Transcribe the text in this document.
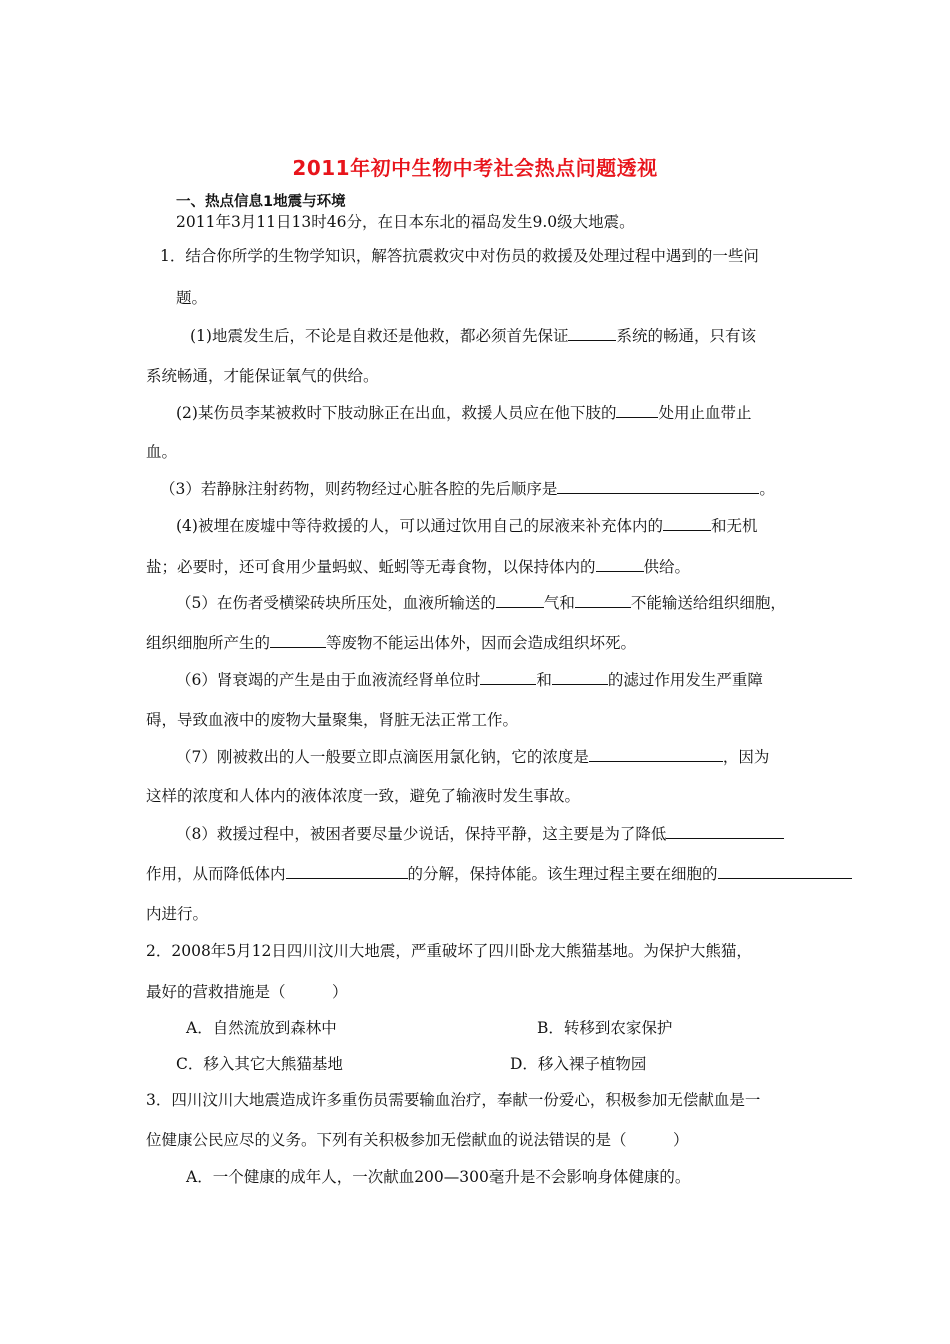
2011年初中生物中考社会热点问题透视
一、热点信息1地震与环境
2011年3月11日13时46分，在日本东北的福岛发生9.0级大地震。
1．结合你所学的生物学知识，解答抗震救灾中对伤员的救援及处理过程中遇到的一些问
题。
(1)地震发生后，不论是自救还是他救，都必须首先保证	系统的畅通，只有该
系统畅通，才能保证氧气的供给。
(2)某伤员李某被救时下肢动脉正在出血，救援人员应在他下肢的	处用止血带止
血。
（3）若静脉注射药物，则药物经过心脏各腔的先后顺序是	。
(4)被埋在废墟中等待救援的人，可以通过饮用自己的尿液来补充体内的	和无机
盐；必要时，还可食用少量蚂蚁、蚯蚓等无毒食物，以保持体内的	供给。
（5）在伤者受横梁砖块所压处，血液所输送的	气和	不能输送给组织细胞，
组织细胞所产生的	等废物不能运出体外，因而会造成组织坏死。
（6）肾衰竭的产生是由于血液流经肾单位时	和	的滤过作用发生严重障
碍，导致血液中的废物大量聚集，肾脏无法正常工作。
（7）刚被救出的人一般要立即点滴医用氯化钠，它的浓度是	，因为
这样的浓度和人体内的液体浓度一致，避免了输液时发生事故。
（8）救援过程中，被困者要尽量少说话，保持平静，这主要是为了降低
作用，从而降低体内	的分解，保持体能。该生理过程主要在细胞的
内进行。
2．2008年5月12日四川汶川大地震，严重破坏了四川卧龙大熊猫基地。为保护大熊猫，
最好的营救措施是（　　　）
A．自然流放到森林中	B．转移到农家保护
C．移入其它大熊猫基地	D．移入裸子植物园
3．四川汶川大地震造成许多重伤员需要输血治疗，奉献一份爱心，积极参加无偿献血是一
位健康公民应尽的义务。下列有关积极参加无偿献血的说法错误的是（　　　）
A．一个健康的成年人，一次献血200—300毫升是不会影响身体健康的。
